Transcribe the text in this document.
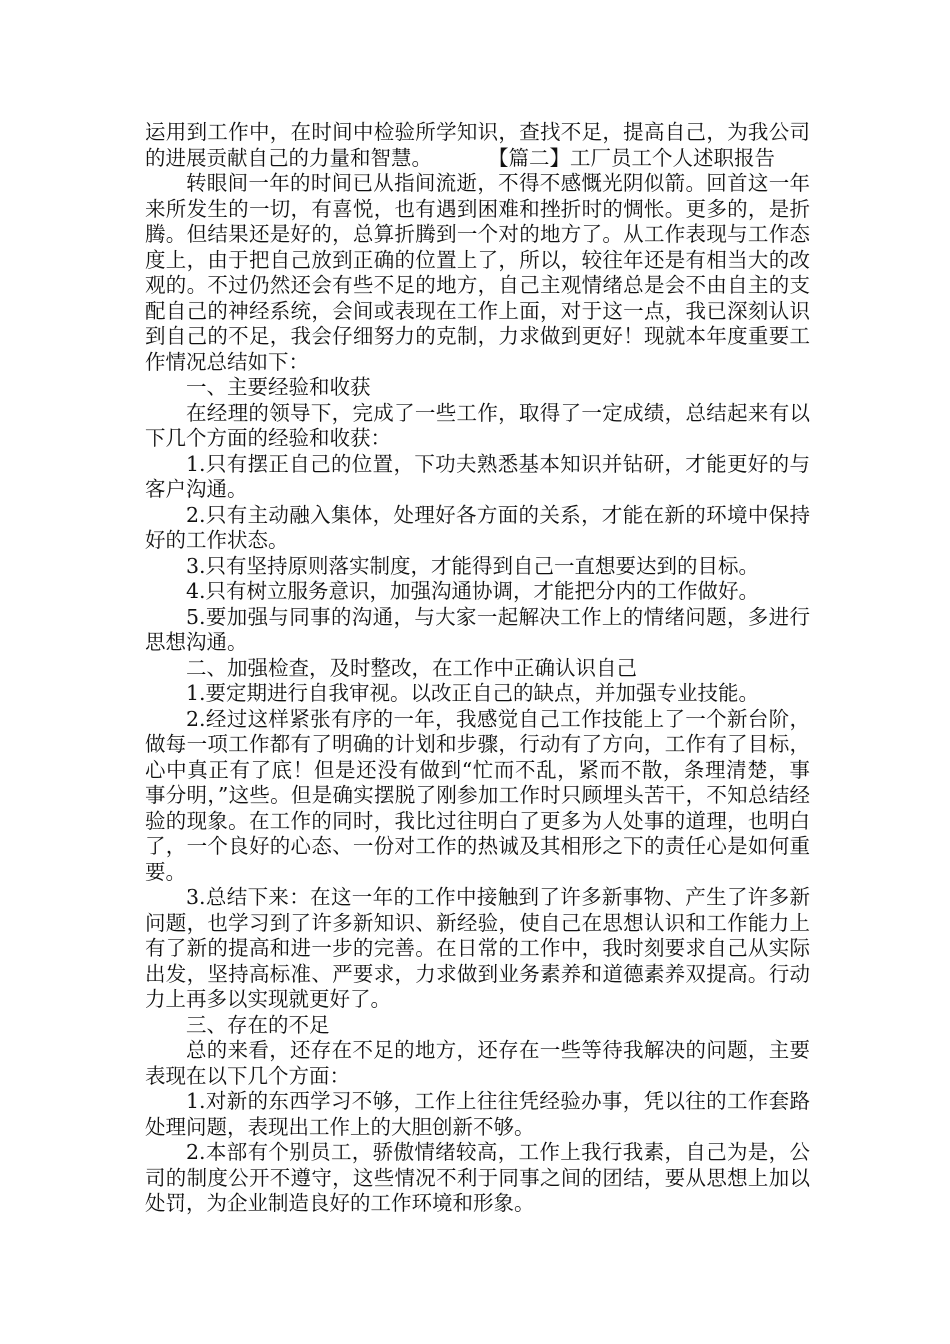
运用到工作中，在时间中检验所学知识，查找不足，提高自己，为我公司的进展贡献自己的力量和智慧。	【篇二】工厂员工个人述职报告

转眼间一年的时间已从指间流逝，不得不感慨光阴似箭。回首这一年来所发生的一切，有喜悦，也有遇到困难和挫折时的惆怅。更多的，是折腾。但结果还是好的，总算折腾到一个对的地方了。从工作表现与工作态度上，由于把自己放到正确的位置上了，所以，较往年还是有相当大的改观的。不过仍然还会有些不足的地方，自己主观情绪总是会不由自主的支配自己的神经系统，会间或表现在工作上面，对于这一点，我已深刻认识到自己的不足，我会仔细努力的克制，力求做到更好！现就本年度重要工作情况总结如下：

一、主要经验和收获

在经理的领导下，完成了一些工作，取得了一定成绩，总结起来有以下几个方面的经验和收获：

1.只有摆正自己的位置，下功夫熟悉基本知识并钻研，才能更好的与客户沟通。

2.只有主动融入集体，处理好各方面的关系，才能在新的环境中保持好的工作状态。

3.只有坚持原则落实制度，才能得到自己一直想要达到的目标。

4.只有树立服务意识，加强沟通协调，才能把分内的工作做好。

5.要加强与同事的沟通，与大家一起解决工作上的情绪问题，多进行思想沟通。

二、加强检查，及时整改，在工作中正确认识自己

1.要定期进行自我审视。以改正自己的缺点，并加强专业技能。

2.经过这样紧张有序的一年，我感觉自己工作技能上了一个新台阶，做每一项工作都有了明确的计划和步骤，行动有了方向，工作有了目标，心中真正有了底！但是还没有做到“忙而不乱，紧而不散，条理清楚，事事分明，”这些。但是确实摆脱了刚参加工作时只顾埋头苦干，不知总结经验的现象。在工作的同时，我比过往明白了更多为人处事的道理，也明白了，一个良好的心态、一份对工作的热诚及其相形之下的责任心是如何重要。

3.总结下来：在这一年的工作中接触到了许多新事物、产生了许多新问题，也学习到了许多新知识、新经验，使自己在思想认识和工作能力上有了新的提高和进一步的完善。在日常的工作中，我时刻要求自己从实际出发，坚持高标准、严要求，力求做到业务素养和道德素养双提高。行动力上再多以实现就更好了。

三、存在的不足

总的来看，还存在不足的地方，还存在一些等待我解决的问题，主要表现在以下几个方面：

1.对新的东西学习不够，工作上往往凭经验办事，凭以往的工作套路处理问题，表现出工作上的大胆创新不够。

2.本部有个别员工，骄傲情绪较高，工作上我行我素，自己为是，公司的制度公开不遵守，这些情况不利于同事之间的团结，要从思想上加以处罚，为企业制造良好的工作环境和形象。
